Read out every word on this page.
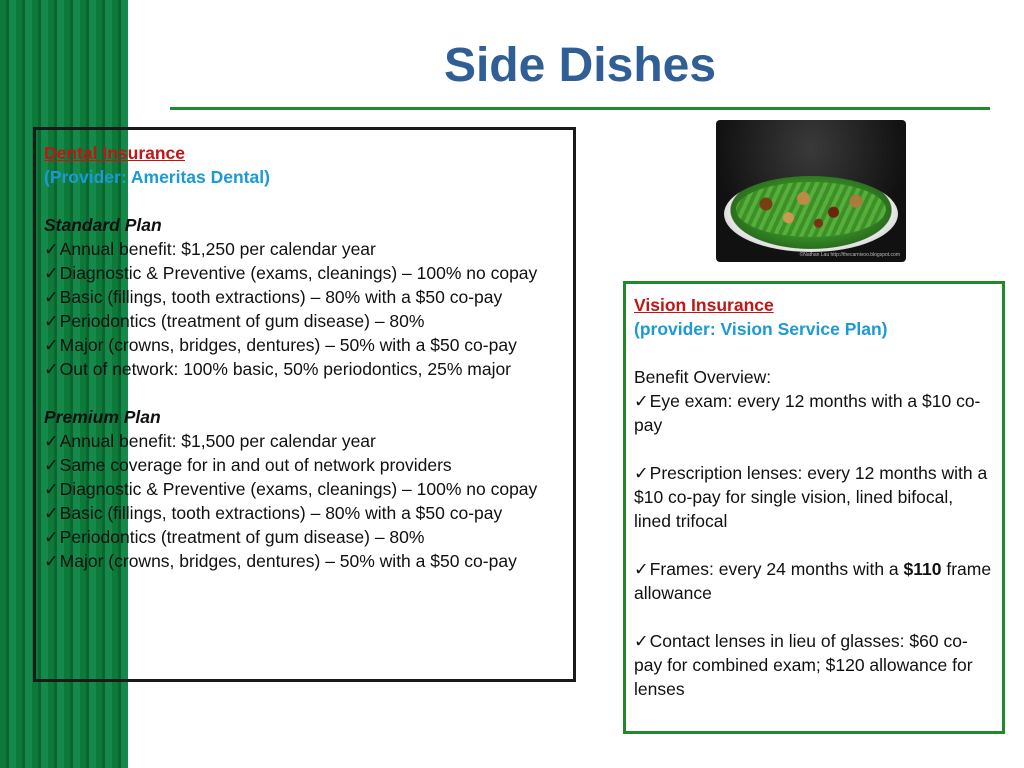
Side Dishes
Dental Insurance
(Provider: Ameritas Dental)
Standard Plan
✓Annual benefit: $1,250 per calendar year
✓Diagnostic & Preventive (exams, cleanings) – 100% no copay
✓Basic (fillings, tooth extractions) – 80% with a $50 co-pay
✓Periodontics (treatment of gum disease) – 80%
✓Major (crowns, bridges, dentures) – 50% with a $50 co-pay
✓Out of network: 100% basic, 50% periodontics, 25% major
Premium Plan
✓Annual benefit: $1,500 per calendar year
✓Same coverage for in and out of network providers
✓Diagnostic & Preventive (exams, cleanings) – 100% no copay
✓Basic (fillings, tooth extractions) – 80% with a $50 co-pay
✓Periodontics (treatment of gum disease) – 80%
✓Major (crowns, bridges, dentures) – 50% with a $50 co-pay
©Nathan Lau http://thecarnivoo.blogspot.com
Vision Insurance
(provider: Vision Service Plan)
Benefit Overview:
✓Eye exam: every 12 months with a $10 co-pay
✓Prescription lenses: every 12 months with a $10 co-pay for single vision, lined bifocal, lined trifocal
✓Frames: every 24 months with a $110 frame allowance
✓Contact lenses in lieu of glasses: $60 co-pay for combined exam; $120 allowance for lenses
